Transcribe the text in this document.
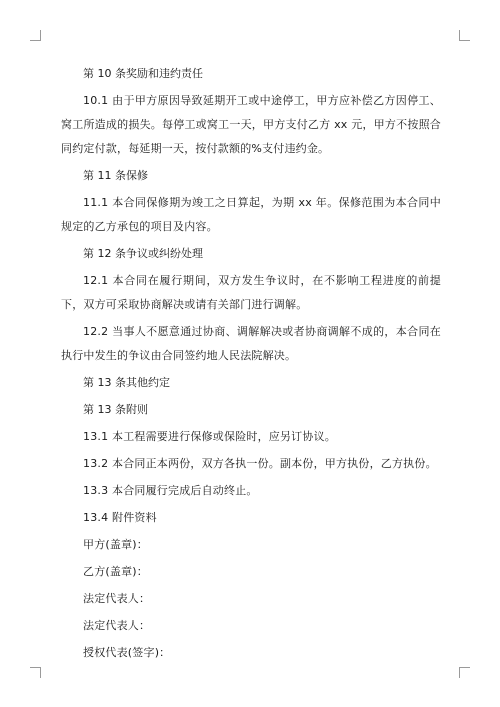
第 10 条奖励和违约责任

10.1 由于甲方原因导致延期开工或中途停工，甲方应补偿乙方因停工、窝工所造成的损失。每停工或窝工一天，甲方支付乙方 xx 元，甲方不按照合同约定付款，每延期一天，按付款额的%支付违约金。

第 11 条保修

11.1 本合同保修期为竣工之日算起，为期 xx 年。保修范围为本合同中规定的乙方承包的项目及内容。

第 12 条争议或纠纷处理

12.1 本合同在履行期间，双方发生争议时，在不影响工程进度的前提下，双方可采取协商解决或请有关部门进行调解。

12.2 当事人不愿意通过协商、调解解决或者协商调解不成的，本合同在执行中发生的争议由合同签约地人民法院解决。

第 13 条其他约定

第 13 条附则

13.1 本工程需要进行保修或保险时，应另订协议。

13.2 本合同正本两份，双方各执一份。副本份，甲方执份，乙方执份。

13.3 本合同履行完成后自动终止。

13.4 附件资料

甲方(盖章)：

乙方(盖章)：

法定代表人：

法定代表人：

授权代表(签字)：
